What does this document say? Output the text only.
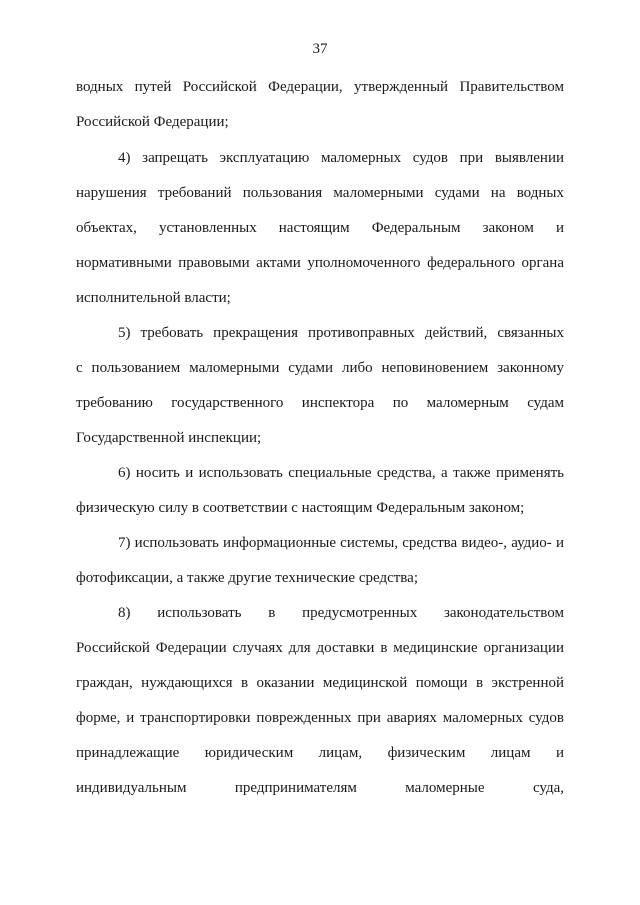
37
водных путей Российской Федерации, утвержденный Правительством
Российской Федерации;
4) запрещать эксплуатацию маломерных судов при выявлении
нарушения требований пользования маломерными судами на водных
объектах, установленных настоящим Федеральным законом и
нормативными правовыми актами уполномоченного федерального органа
исполнительной власти;
5) требовать прекращения противоправных действий, связанных
с пользованием маломерными судами либо неповиновением законному
требованию государственного инспектора по маломерным судам
Государственной инспекции;
6) носить и использовать специальные средства, а также применять
физическую силу в соответствии с настоящим Федеральным законом;
7) использовать информационные системы, средства видео-, аудио- и
фотофиксации, а также другие технические средства;
8) использовать в предусмотренных законодательством
Российской Федерации случаях для доставки в медицинские организации
граждан, нуждающихся в оказании медицинской помощи в экстренной
форме, и транспортировки поврежденных при авариях маломерных судов
принадлежащие юридическим лицам, физическим лицам и
индивидуальным предпринимателям маломерные суда,
